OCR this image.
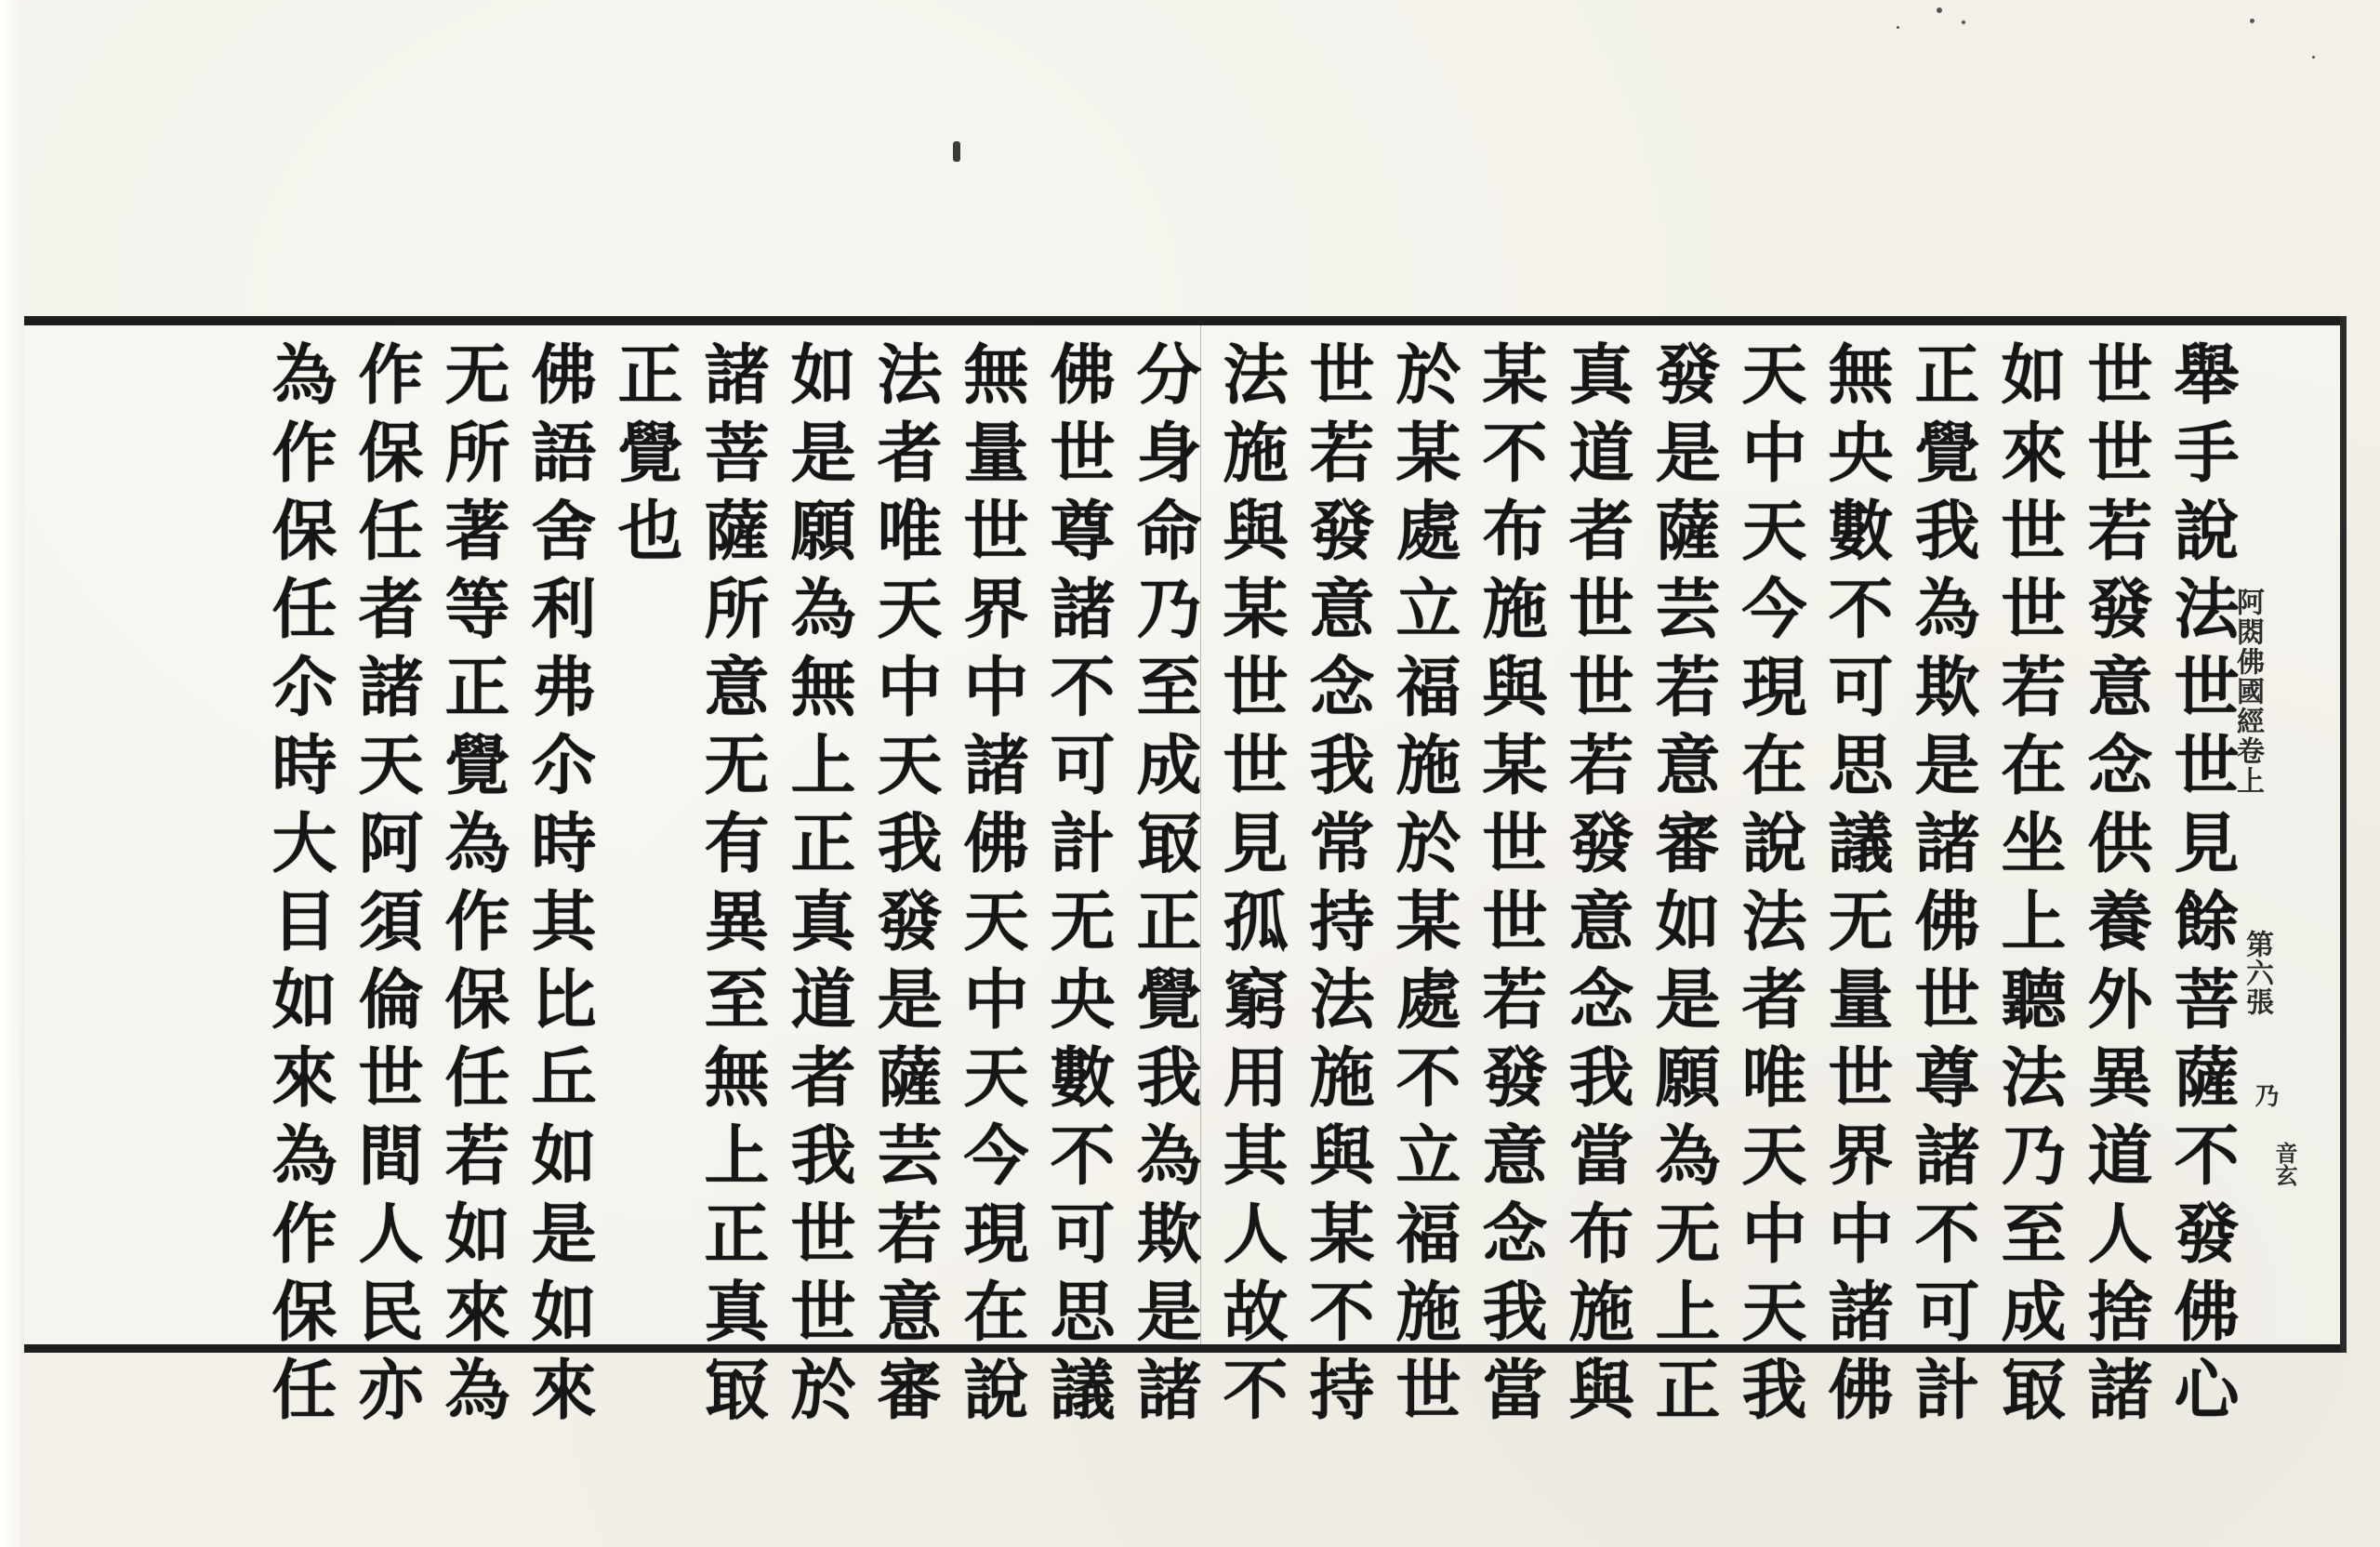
舉手說法世世見餘菩薩不發佛心
世世若發意念供養外異道人捨諸
如來世世若在坐上聽法乃至成冣
正覺我為欺是諸佛世尊諸不可計
無央數不可思議无量世界中諸佛
天中天今現在說法者唯天中天我
發是薩芸若意審如是願為无上正
真道者世世若發意念我當布施與
某不布施與某世世若發意念我當
於某處立福施於某處不立福施世
世若發意念我常持法施與某不持
法施與某世世見孤窮用其人故不
分身命乃至成冣正覺我為欺是諸
佛世尊諸不可計无央數不可思議
無量世界中諸佛天中天今現在說
法者唯天中天我發是薩芸若意審
如是願為無上正真道者我世世於
諸菩薩所意无有異至無上正真冣
正覺也
佛語舍利弗尒時其比丘如是如來
无所著等正覺為作保任若如來為
作保任者諸天阿須倫世間人民亦
為作保任尒時大目如來為作保任	阿閦佛國經卷上
第六張
乃
音玄
